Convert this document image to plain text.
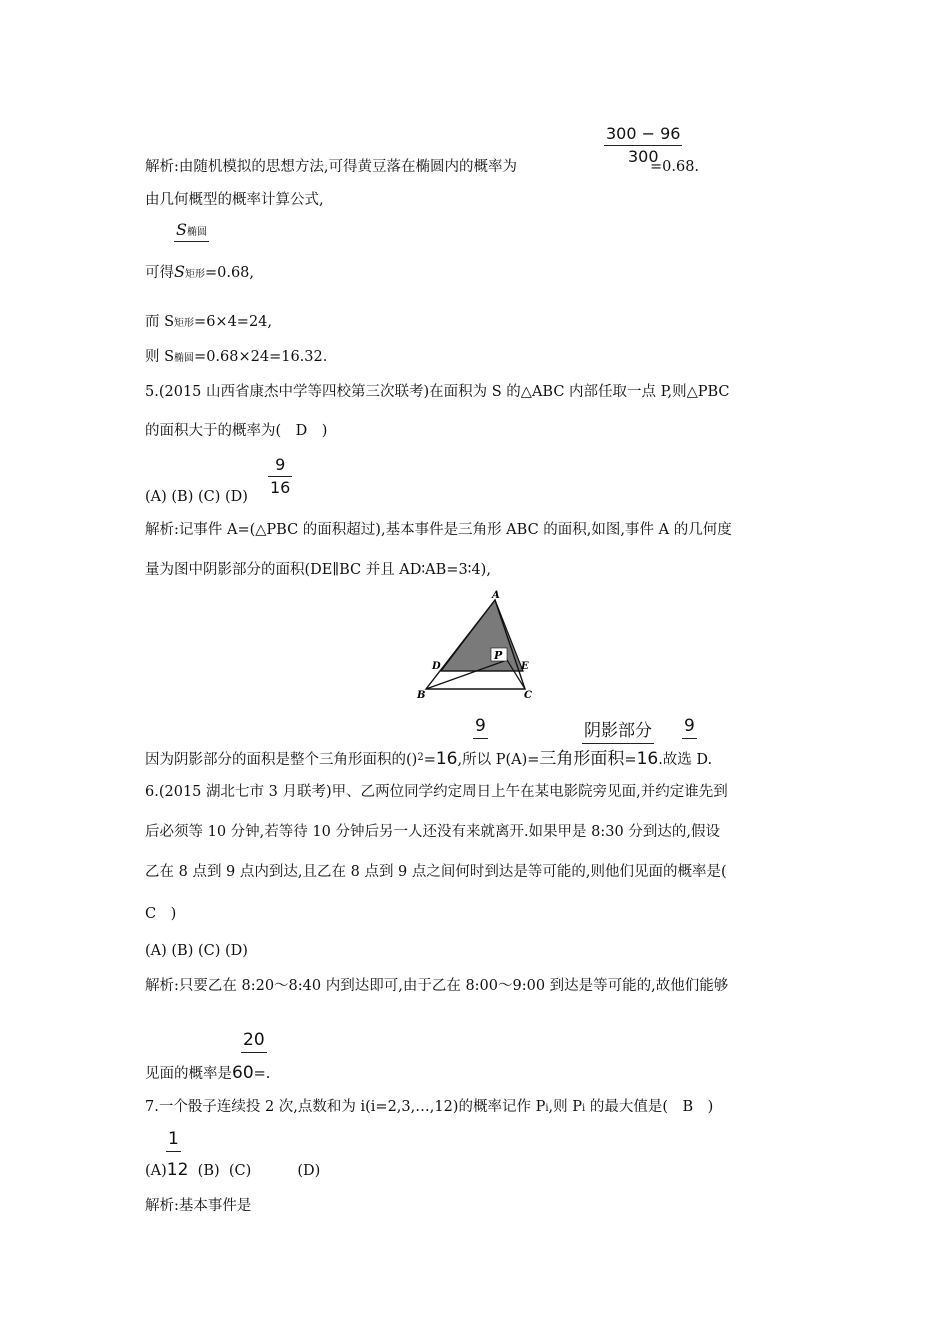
300 − 96
300
解析:由随机模拟的思想方法,可得黄豆落在椭圆内的概率为	=0.68.
由几何概型的概率计算公式,
S椭圆
可得S矩形=0.68,
而 S矩形=6×4=24,
则 S椭圆=0.68×24=16.32.
5.(2015 山西省康杰中学等四校第三次联考)在面积为 S 的△ABC 内部任取一点 P,则△PBC
的面积大于的概率为(　D　)
9
16
(A) (B) (C) (D)
解析:记事件 A=(△PBC 的面积超过),基本事件是三角形 ABC 的面积,如图,事件 A 的几何度
量为图中阴影部分的面积(DE∥BC 并且 AD∶AB=3∶4),
P
A
D	E
B	C
9	阴影部分 9
因为阴影部分的面积是整个三角形面积的()$^2$=16,所以 P(A)=三角形面积=16.故选 D.
6.(2015 湖北七市 3 月联考)甲、乙两位同学约定周日上午在某电影院旁见面,并约定谁先到
后必须等 10 分钟,若等待 10 分钟后另一人还没有来就离开.如果甲是 8:30 分到达的,假设
乙在 8 点到 9 点内到达,且乙在 8 点到 9 点之间何时到达是等可能的,则他们见面的概率是(
C　)
(A) (B) (C) (D)
解析:只要乙在 8:20～8:40 内到达即可,由于乙在 8:00～9:00 到达是等可能的,故他们能够
20
见面的概率是60=.
7.一个骰子连续投 2 次,点数和为 i(i=2,3,…,12)的概率记作 Pi,则 Pi 的最大值是(　B　)
1
(A)12  (B)  (C)          (D)
解析:基本事件是
